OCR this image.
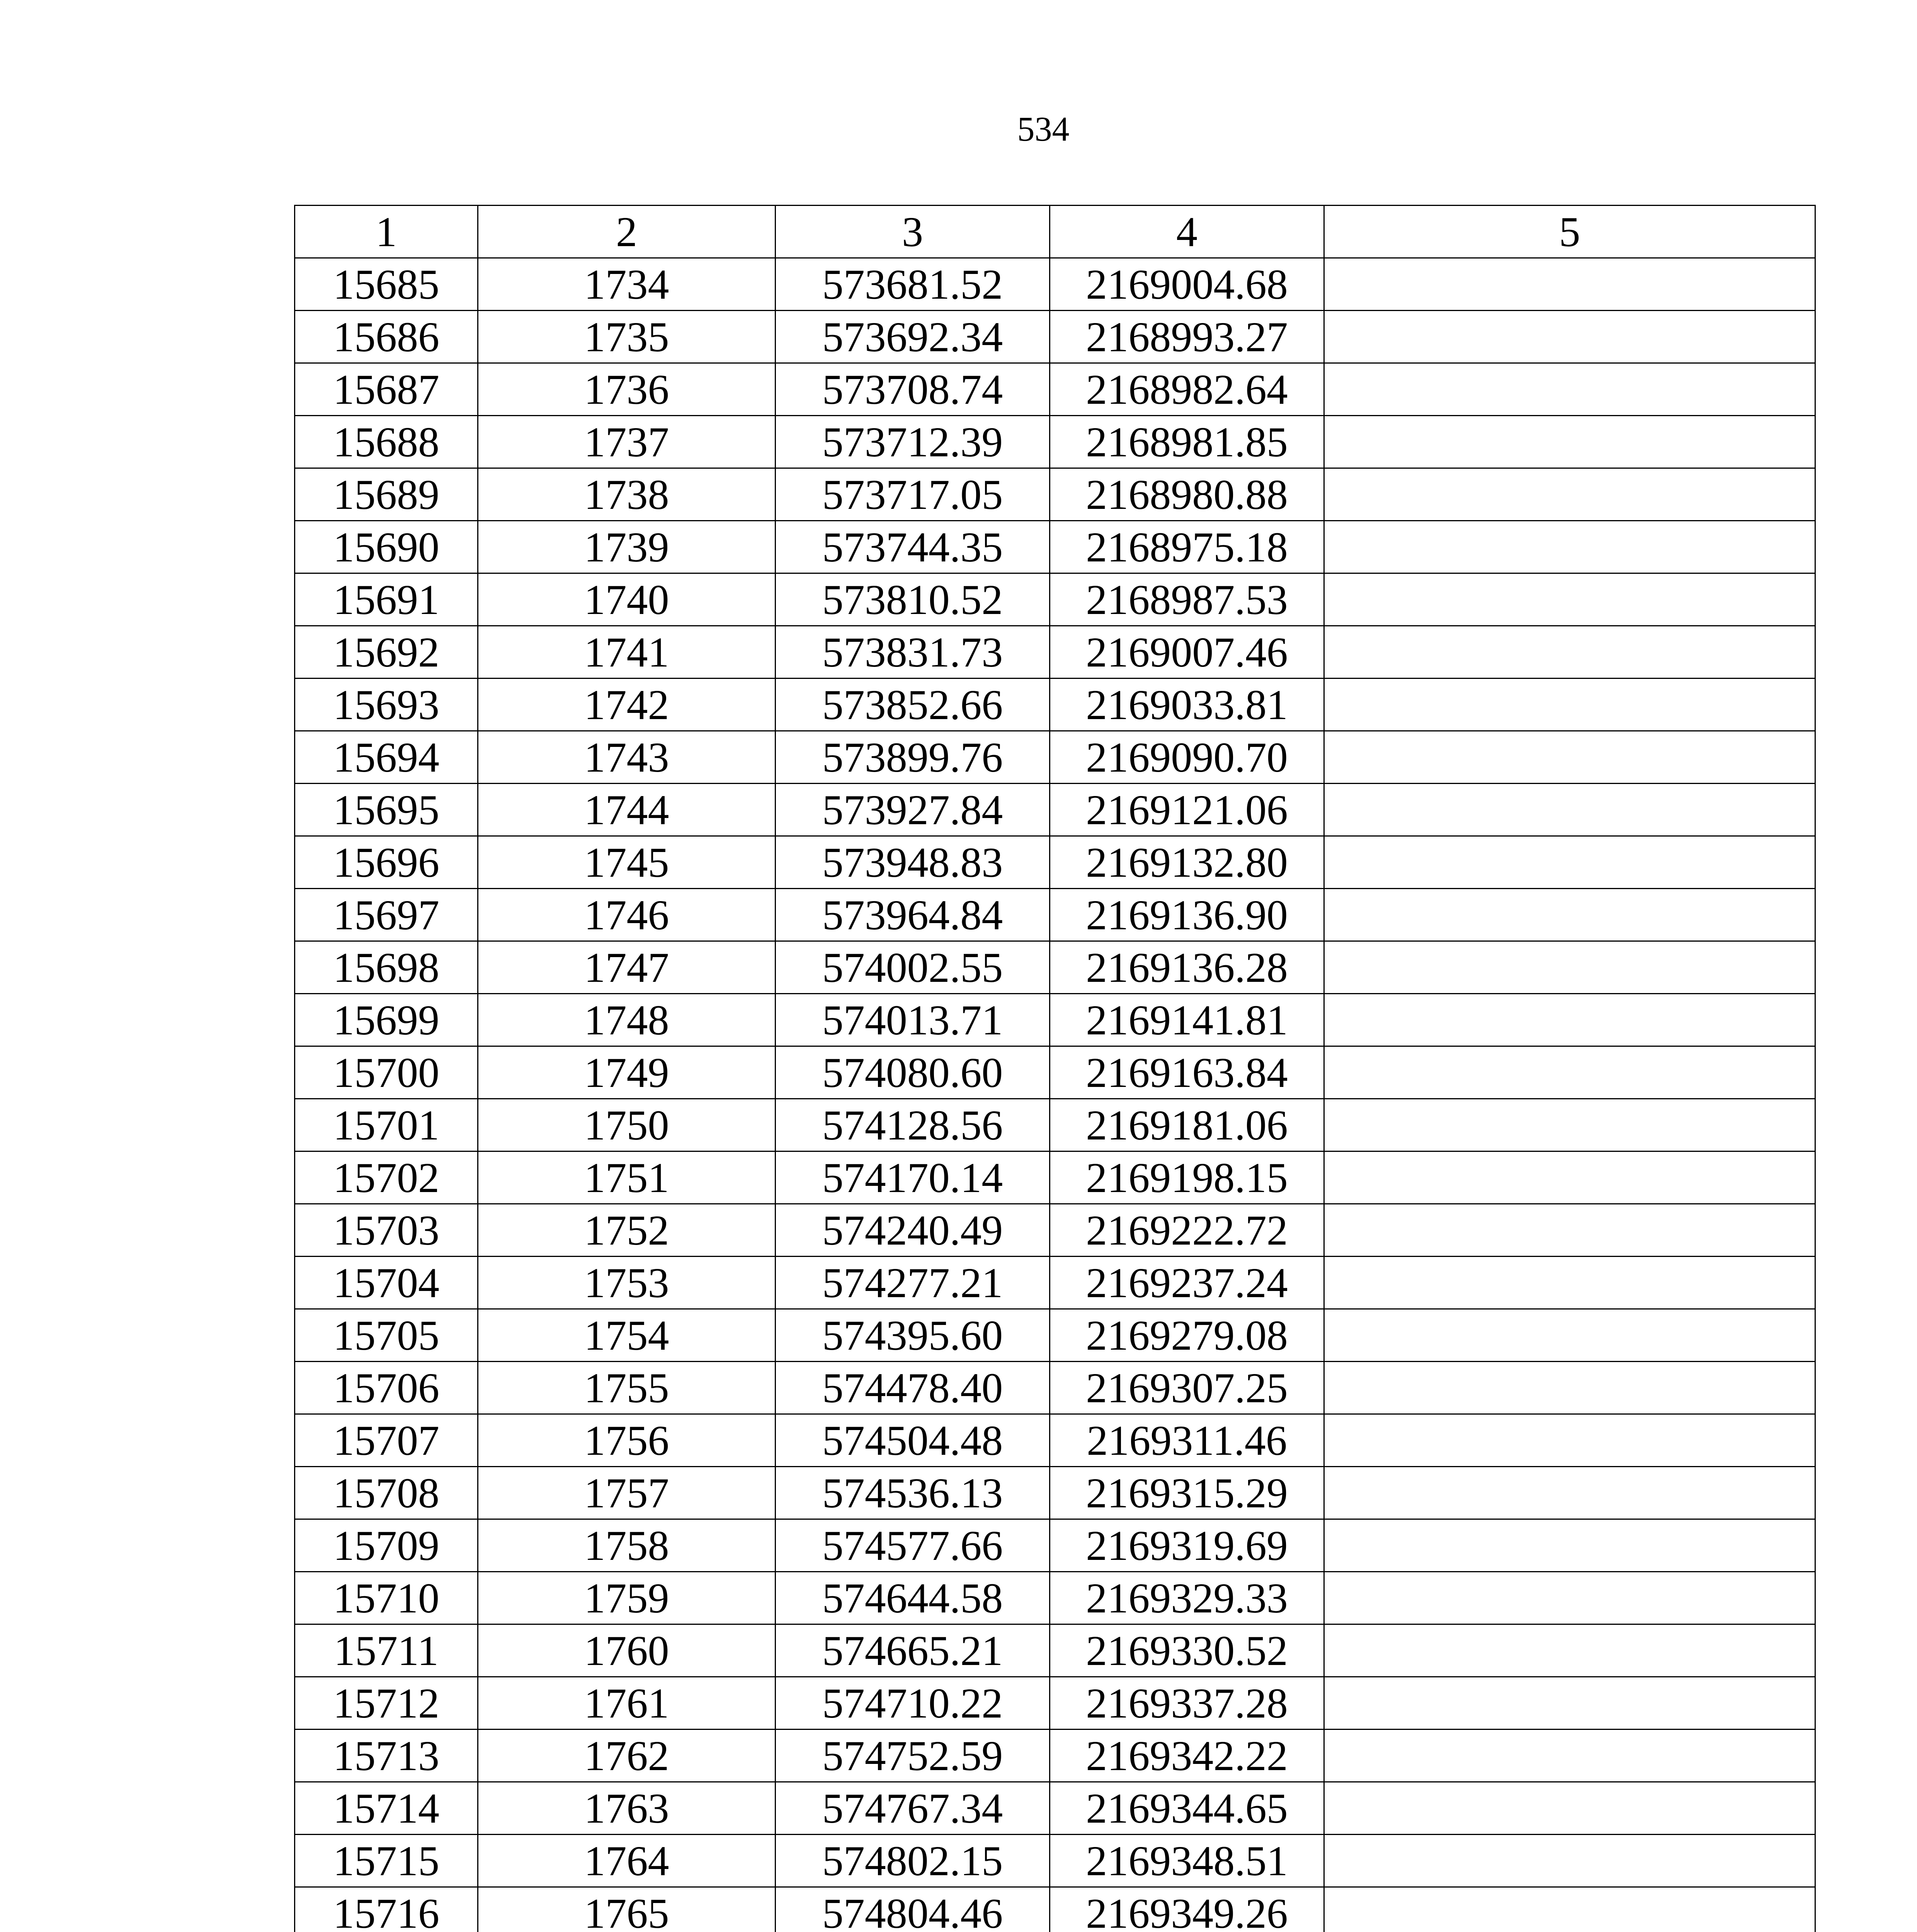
534
1	2	3	4	5
15685	1734	573681.52	2169004.68	
15686	1735	573692.34	2168993.27	
15687	1736	573708.74	2168982.64	
15688	1737	573712.39	2168981.85	
15689	1738	573717.05	2168980.88	
15690	1739	573744.35	2168975.18	
15691	1740	573810.52	2168987.53	
15692	1741	573831.73	2169007.46	
15693	1742	573852.66	2169033.81	
15694	1743	573899.76	2169090.70	
15695	1744	573927.84	2169121.06	
15696	1745	573948.83	2169132.80	
15697	1746	573964.84	2169136.90	
15698	1747	574002.55	2169136.28	
15699	1748	574013.71	2169141.81	
15700	1749	574080.60	2169163.84	
15701	1750	574128.56	2169181.06	
15702	1751	574170.14	2169198.15	
15703	1752	574240.49	2169222.72	
15704	1753	574277.21	2169237.24	
15705	1754	574395.60	2169279.08	
15706	1755	574478.40	2169307.25	
15707	1756	574504.48	2169311.46	
15708	1757	574536.13	2169315.29	
15709	1758	574577.66	2169319.69	
15710	1759	574644.58	2169329.33	
15711	1760	574665.21	2169330.52	
15712	1761	574710.22	2169337.28	
15713	1762	574752.59	2169342.22	
15714	1763	574767.34	2169344.65	
15715	1764	574802.15	2169348.51	
15716	1765	574804.46	2169349.26	
